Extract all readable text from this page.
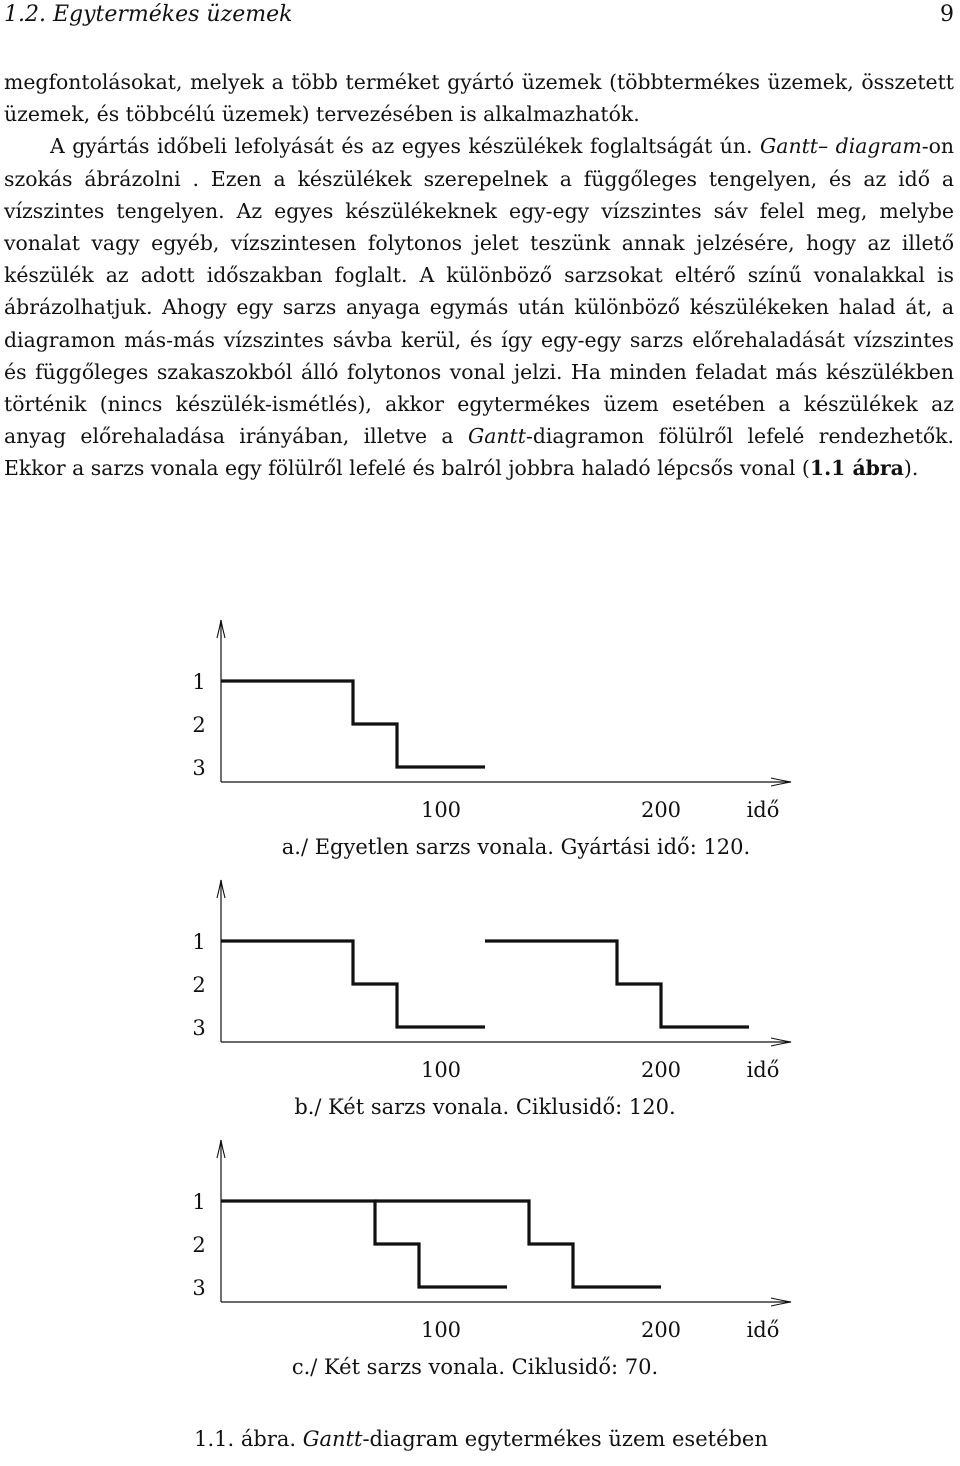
1.2. Egytermékes üzemek	9

megfontolásokat, melyek a több terméket gyártó üzemek (többtermékes üzemek, összetett üzemek, és többcélú üzemek) tervezésében is alkalmazhatók.

A gyártás időbeli lefolyását és az egyes készülékek foglaltságát ún. Gantt– diagram-on szokás ábrázolni . Ezen a készülékek szerepelnek a függőleges tengelyen, és az idő a vízszintes tengelyen. Az egyes készülékeknek egy-egy vízszintes sáv felel meg, melybe vonalat vagy egyéb, vízszintesen folytonos jelet teszünk annak jelzésére, hogy az illető készülék az adott időszakban foglalt. A különböző sarzsokat eltérő színű vonalakkal is ábrázolhatjuk. Ahogy egy sarzs anyaga egymás után különböző készülékeken halad át, a diagramon más-más vízszintes sávba kerül, és így egy-egy sarzs előrehaladását vízszintes és függőleges szakaszokból álló folytonos vonal jelzi. Ha minden feladat más készülékben történik (nincs készülék-ismétlés), akkor egytermékes üzem esetében a készülékek az anyag előrehaladása irányában, illetve a Gantt-diagramon fölülről lefelé rendezhetők. Ekkor a sarzs vonala egy fölülről lefelé és balról jobbra haladó lépcsős vonal (1.1 ábra).

1
2
3
100	200	idő
a./ Egyetlen sarzs vonala. Gyártási idő: 120.
1
2
3
100	200	idő
b./ Két sarzs vonala. Ciklusidő: 120.
1
2
3
100	200	idő
c./ Két sarzs vonala. Ciklusidő: 70.
1.1. ábra. Gantt-diagram egytermékes üzem esetében
